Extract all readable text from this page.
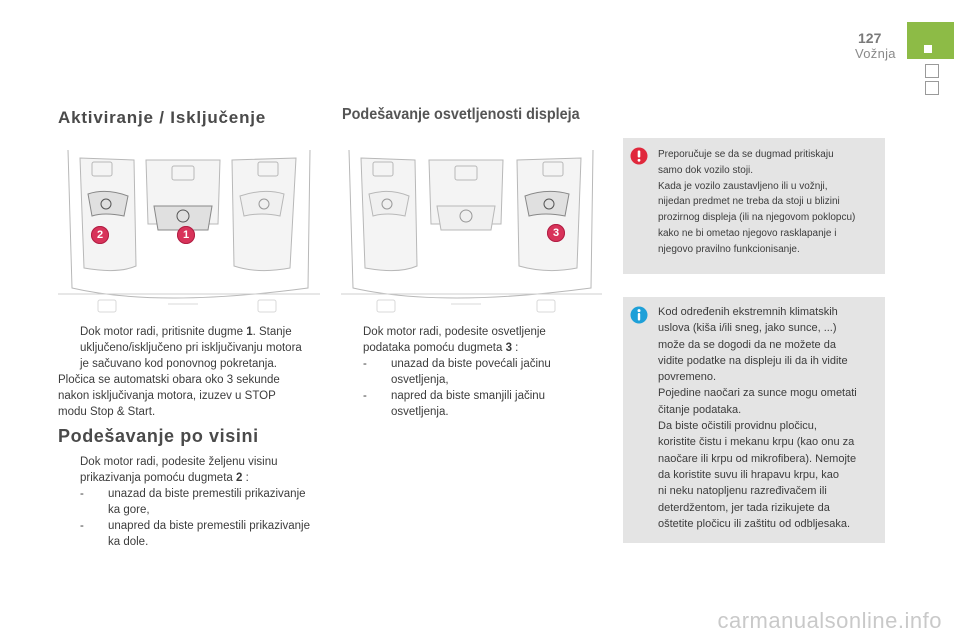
127
Vožnja
Aktiviranje / Isključenje
2	1
Dok motor radi, pritisnite dugme 1. Stanje
uključeno/isključeno pri isključivanju motora
je sačuvano kod ponovnog pokretanja.
Pločica se automatski obara oko 3 sekunde
nakon isključivanja motora, izuzev u STOP
modu Stop & Start.
Podešavanje po visini
Dok motor radi, podesite željenu visinu
prikazivanja pomoću dugmeta 2 :
-	unazad da biste premestili prikazivanje
ka gore,
-	unapred da biste premestili prikazivanje
ka dole.
Podešavanje osvetljenosti displeja
3
Dok motor radi, podesite osvetljenje
podataka pomoću dugmeta 3 :
-	unazad da biste povećali jačinu
osvetljenja,
-	napred da biste smanjili jačinu
osvetljenja.
Preporučuje se da se dugmad pritiskaju
samo dok vozilo stoji.
Kada je vozilo zaustavljeno ili u vožnji,
nijedan predmet ne treba da stoji u blizini
prozirnog displeja (ili na njegovom poklopcu)
kako ne bi ometao njegovo rasklapanje i
njegovo pravilno funkcionisanje.
Kod određenih ekstremnih klimatskih
uslova (kiša i/ili sneg, jako sunce, ...)
može da se dogodi da ne možete da
vidite podatke na displeju ili da ih vidite
povremeno.
Pojedine naočari za sunce mogu ometati
čitanje podataka.
Da biste očistili providnu pločicu,
koristite čistu i mekanu krpu (kao onu za
naočare ili krpu od mikrofibera). Nemojte
da koristite suvu ili hrapavu krpu, kao
ni neku natopljenu razređivačem ili
deterdžentom, jer tada rizikujete da
oštetite pločicu ili zaštitu od odbljesaka.
carmanualsonline.info
